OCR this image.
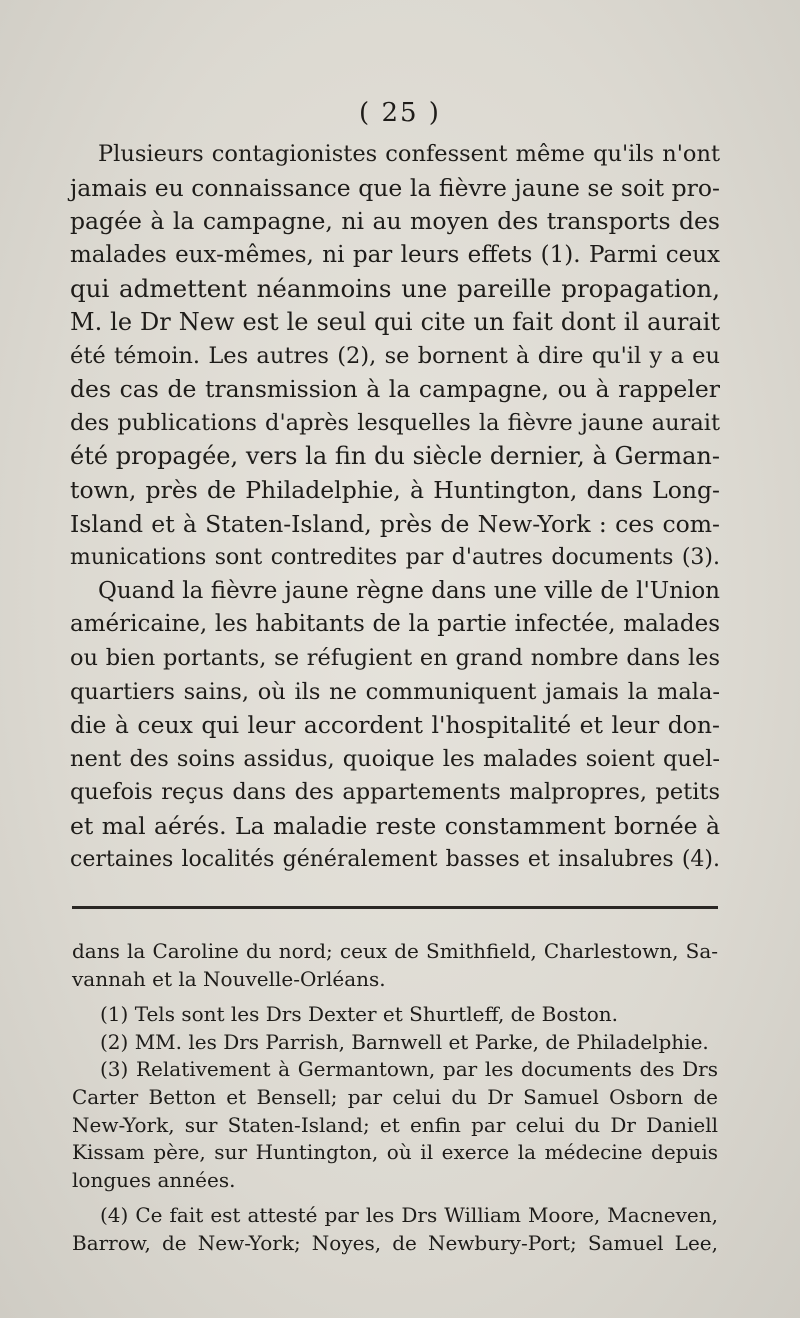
( 25 )
Plusieurs contagionistes confessent même qu'ils n'ont
jamais eu connaissance que la fièvre jaune se soit pro-
pagée à la campagne, ni au moyen des transports des
malades eux-mêmes, ni par leurs effets (1). Parmi ceux
qui admettent néanmoins une pareille propagation,
M. le Dr New est le seul qui cite un fait dont il aurait
été témoin. Les autres (2), se bornent à dire qu'il y a eu
des cas de transmission à la campagne, ou à rappeler
des publications d'après lesquelles la fièvre jaune aurait
été propagée, vers la fin du siècle dernier, à German-
town, près de Philadelphie, à Huntington, dans Long-
Island et à Staten-Island, près de New-York : ces com-
munications sont contredites par d'autres documents (3).
Quand la fièvre jaune règne dans une ville de l'Union
américaine, les habitants de la partie infectée, malades
ou bien portants, se réfugient en grand nombre dans les
quartiers sains, où ils ne communiquent jamais la mala-
die à ceux qui leur accordent l'hospitalité et leur don-
nent des soins assidus, quoique les malades soient quel-
quefois reçus dans des appartements malpropres, petits
et mal aérés. La maladie reste constamment bornée à
certaines localités généralement basses et insalubres (4).
dans la Caroline du nord; ceux de Smithfield, Charlestown, Sa-
vannah et la Nouvelle-Orléans.
(1) Tels sont les Drs Dexter et Shurtleff, de Boston.
(2) MM. les Drs Parrish, Barnwell et Parke, de Philadelphie.
(3) Relativement à Germantown, par les documents des Drs
Carter Betton et Bensell; par celui du Dr Samuel Osborn de
New-York, sur Staten-Island; et enfin par celui du Dr Daniell
Kissam père, sur Huntington, où il exerce la médecine depuis
longues années.
(4) Ce fait est attesté par les Drs William Moore, Macneven,
Barrow, de New-York; Noyes, de Newbury-Port; Samuel Lee,
